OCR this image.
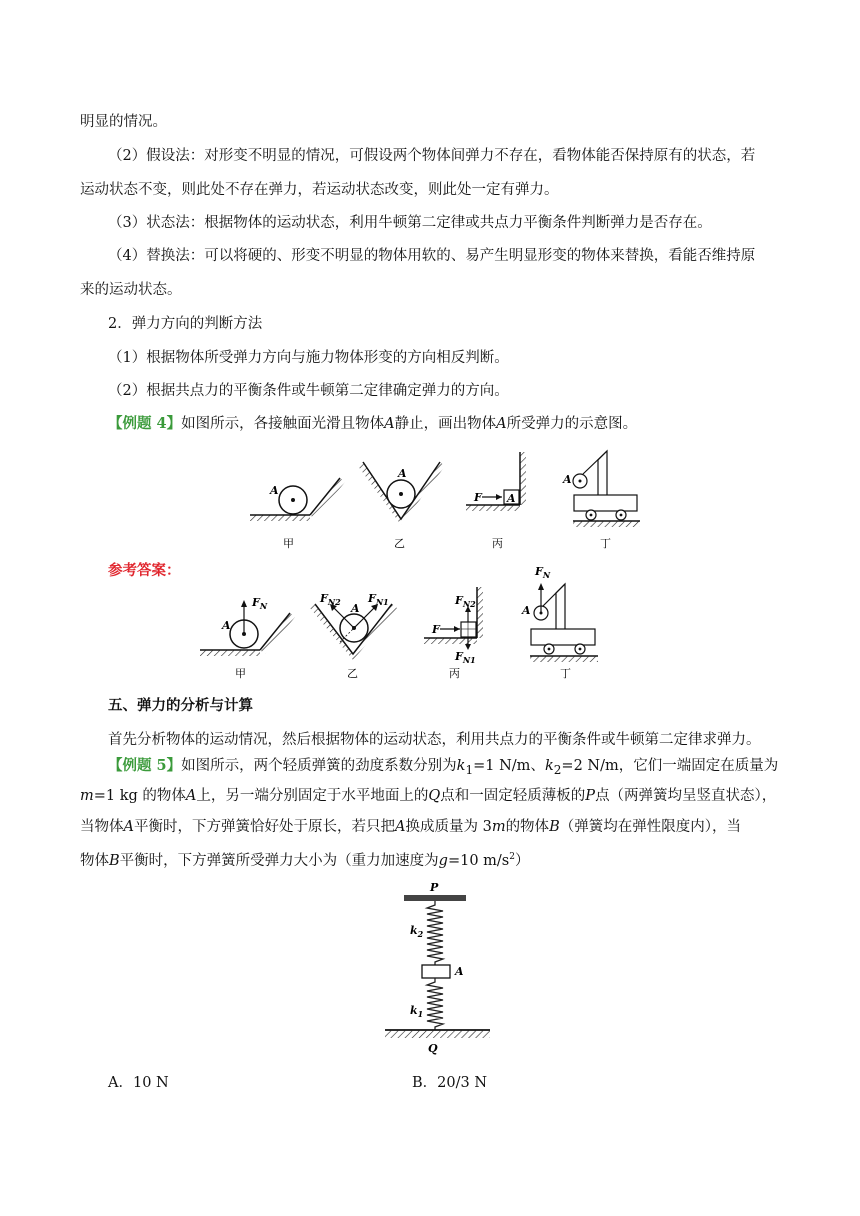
明显的情况。
（2）假设法：对形变不明显的情况，可假设两个物体间弹力不存在，看物体能否保持原有的状态，若
运动状态不变，则此处不存在弹力，若运动状态改变，则此处一定有弹力。
（3）状态法：根据物体的运动状态，利用牛顿第二定律或共点力平衡条件判断弹力是否存在。
（4）替换法：可以将硬的、形变不明显的物体用软的、易产生明显形变的物体来替换，看能否维持原
来的运动状态。
2．弹力方向的判断方法
（1）根据物体所受弹力方向与施力物体形变的方向相反判断。
（2）根据共点力的平衡条件或牛顿第二定律确定弹力的方向。
【例题 4】如图所示，各接触面光滑且物体A静止，画出物体A所受弹力的示意图。
A
甲
A
乙
A
F
丙
A
丁
参考答案：
$F_N$
A
甲
$F_{N2}$ $F_{N1}$
A
乙
F
$F_{N2}$
$F_{N1}$
丙
$F_N$
A
丁
五、弹力的分析与计算
首先分析物体的运动情况，然后根据物体的运动状态，利用共点力的平衡条件或牛顿第二定律求弹力。
【例题 5】如图所示，两个轻质弹簧的劲度系数分别为$k_1=1$ N/m、$k_2=2$ N/m，它们一端固定在质量为
m=1 kg 的物体A上，另一端分别固定于水平地面上的Q点和一固定轻质薄板的P点（两弹簧均呈竖直状态），
当物体A平衡时，下方弹簧恰好处于原长，若只把A换成质量为 3m的物体B（弹簧均在弹性限度内），当
物体B平衡时，下方弹簧所受弹力大小为（重力加速度为g=10 $m/s^2$）
P
$k_2$
A
$k_1$
Q
A．10 N	B．20/3 N
